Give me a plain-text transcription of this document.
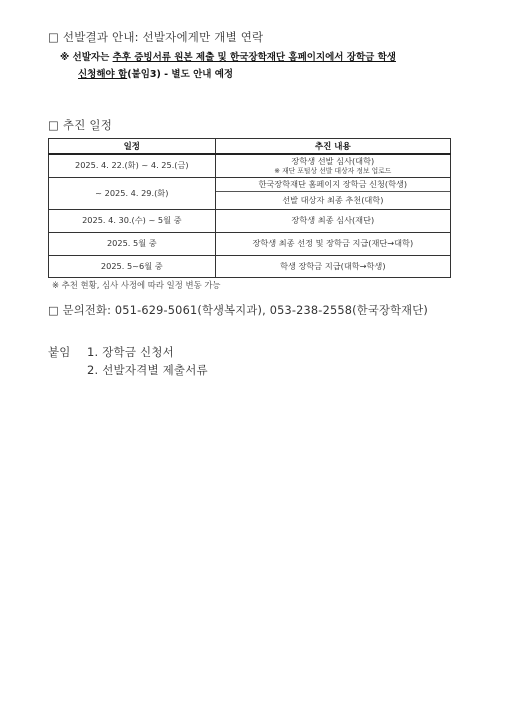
□ 선발결과 안내: 선발자에게만 개별 연락
※ 선발자는 추후 증빙서류 원본 제출 및 한국장학재단 홈페이지에서 장학금 학생
신청해야 함(붙임3) - 별도 안내 예정
□ 추진 일정
일정	추진 내용
2025. 4. 22.(화) ~ 4. 25.(금)	장학생 선발 심사(대학)
※ 재단 포털상 선발 대상자 정보 업로드

~ 2025. 4. 29.(화)	한국장학재단 홈페이지 장학금 신청(학생)
선발 대상자 최종 추천(대학)

2025. 4. 30.(수) ~ 5월 중	장학생 최종 심사(재단)
2025. 5월 중	장학생 최종 선정 및 장학금 지급(재단→대학)
2025. 5~6월 중	학생 장학금 지급(대학→학생)
※ 추천 현황, 심사 사정에 따라 일정 변동 가능
□ 문의전화: 051-629-5061(학생복지과), 053-238-2558(한국장학재단)
붙임 1. 장학금 신청서
2. 선발자격별 제출서류
